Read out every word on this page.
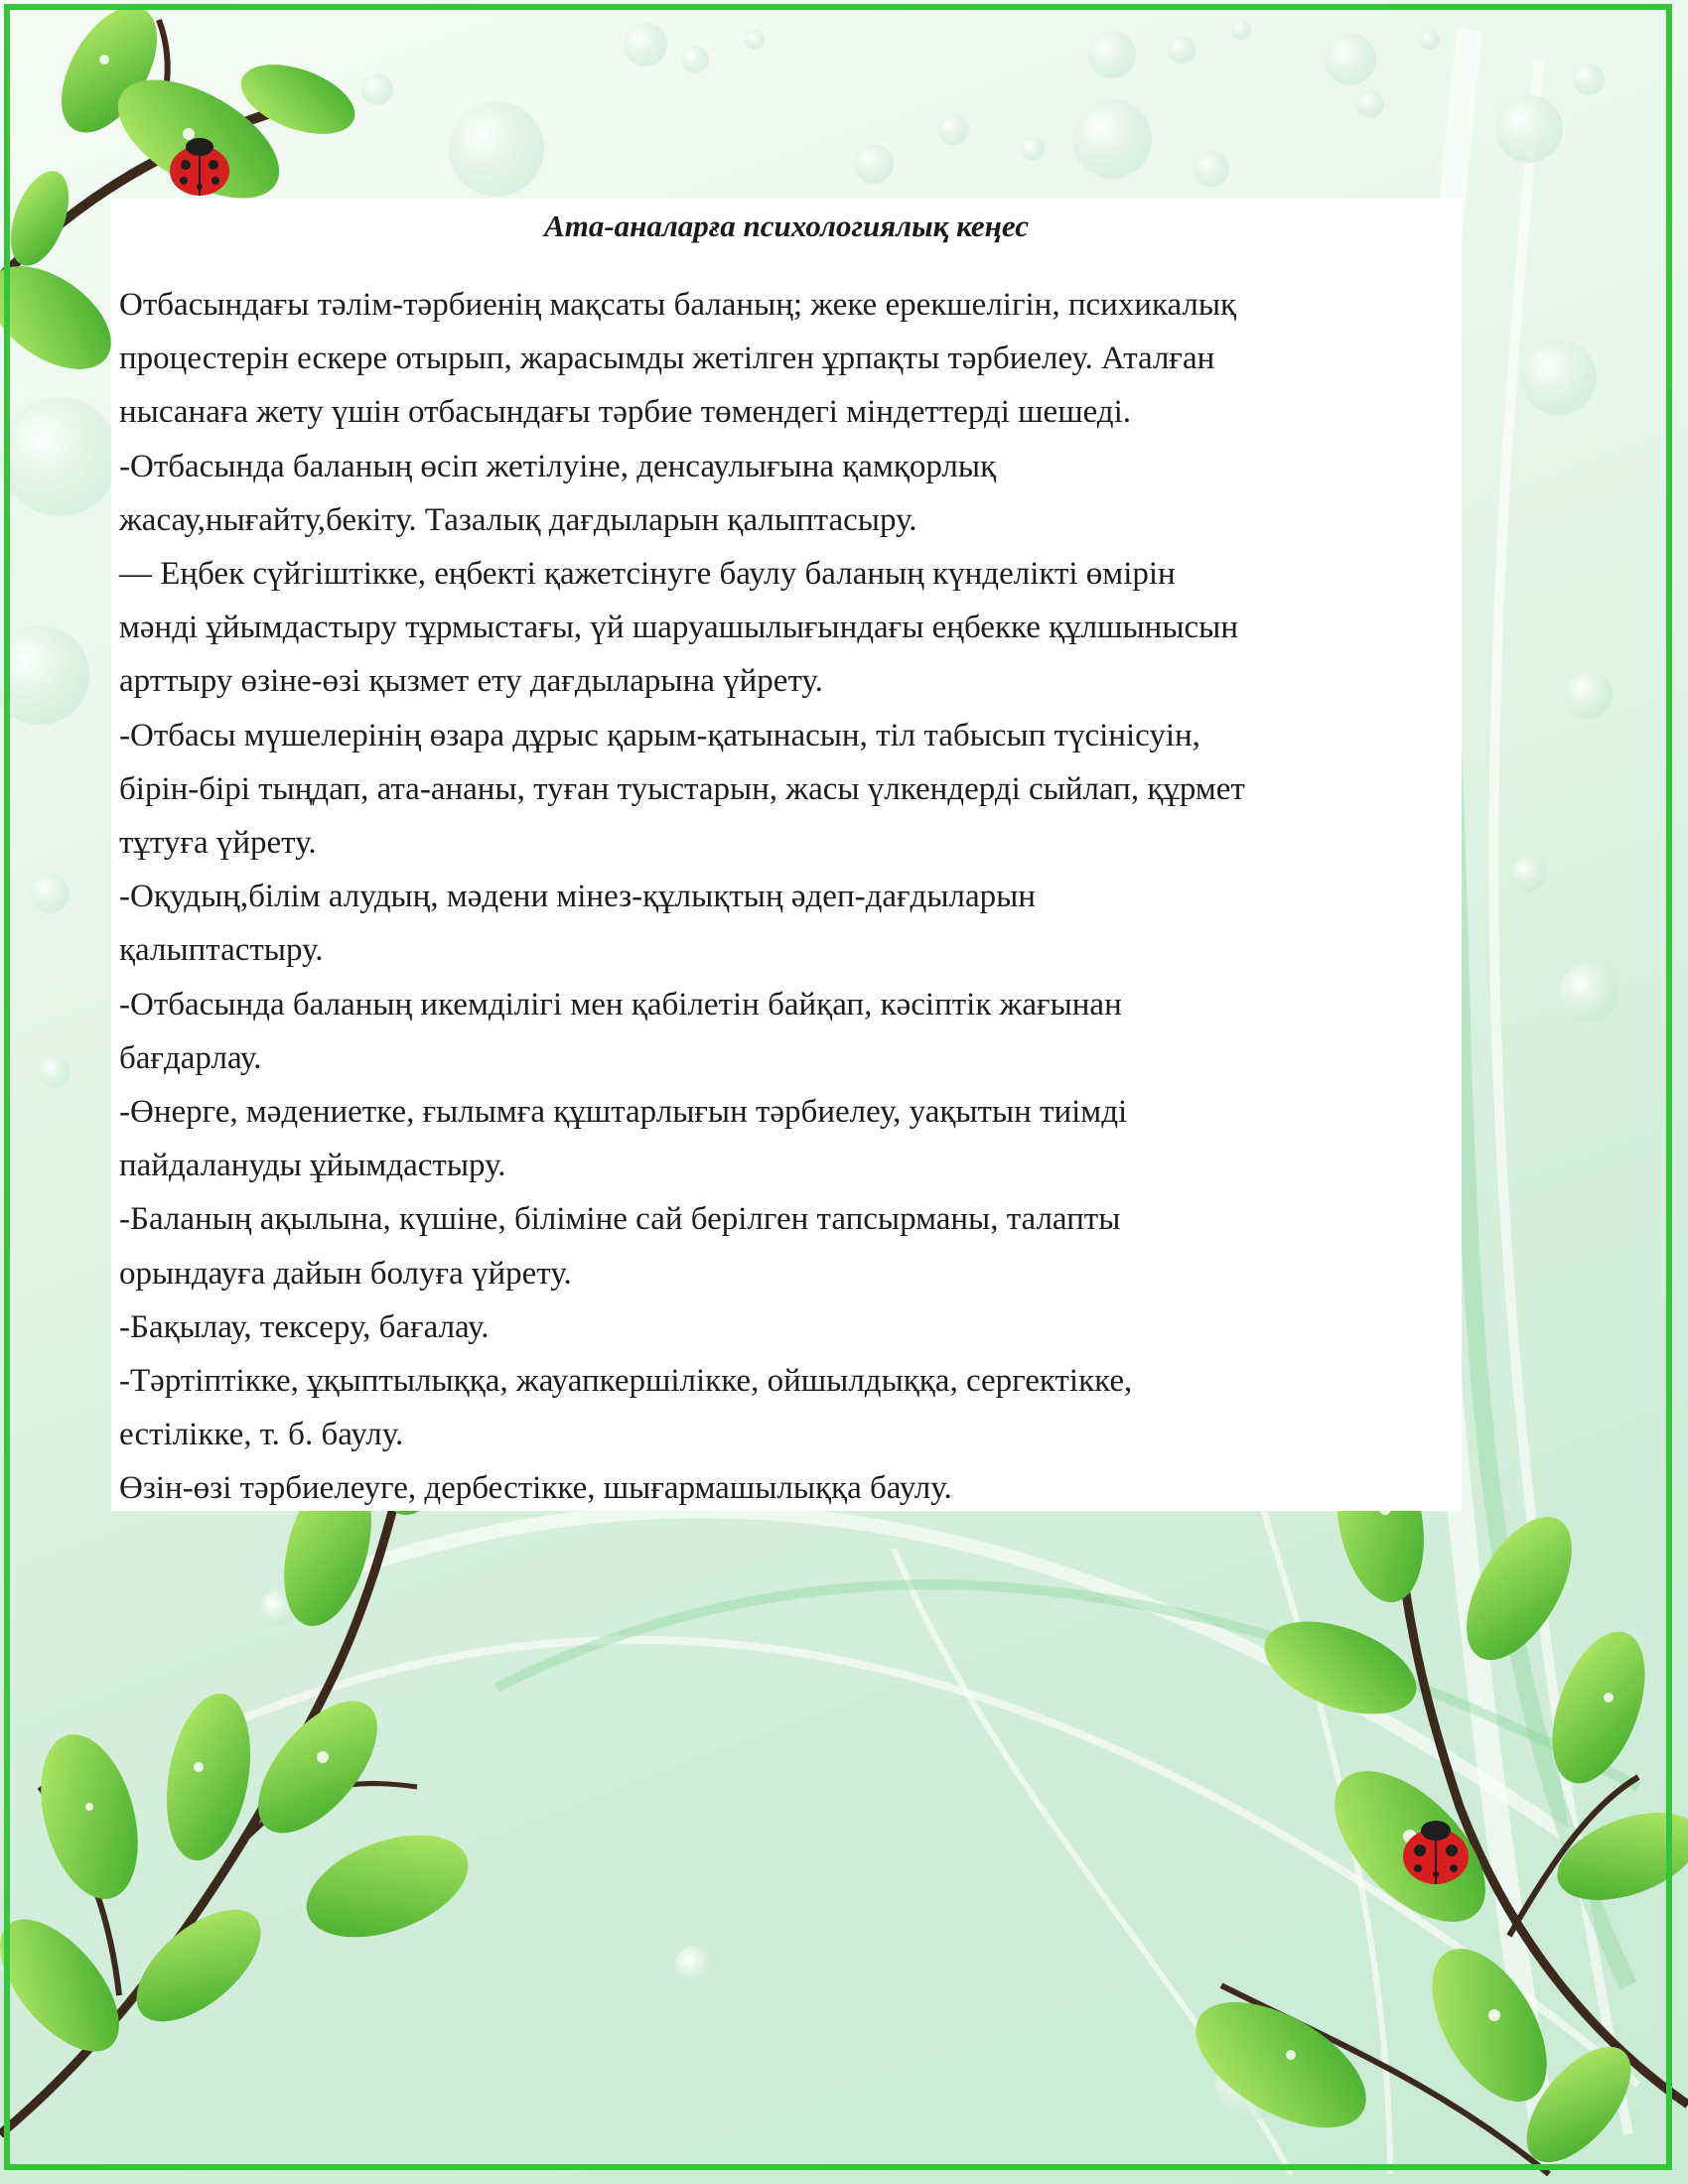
Ата-аналарға психологиялық кеңес
Отбасындағы тәлім-тәрбиенің мақсаты баланың; жеке ерекшелігін, психикалық
процестерін ескере отырып, жарасымды жетілген ұрпақты тәрбиелеу. Аталған
нысанаға жету үшін отбасындағы тәрбие төмендегі міндеттерді шешеді.
-Отбасында баланың өсіп жетілуіне, денсаулығына қамқорлық
жасау,нығайту,бекіту. Тазалық дағдыларын қалыптасыру.
— Еңбек сүйгіштікке, еңбекті қажетсінуге баулу баланың күнделікті өмірін
мәнді ұйымдастыру тұрмыстағы, үй шаруашылығындағы еңбекке құлшынысын
арттыру өзіне-өзі қызмет ету дағдыларына үйрету.
-Отбасы мүшелерінің өзара дұрыс қарым-қатынасын, тіл табысып түсінісуін,
бірін-бірі тыңдап, ата-ананы, туған туыстарын, жасы үлкендерді сыйлап, құрмет
тұтуға үйрету.
-Оқудың,білім алудың, мәдени мінез-құлықтың әдеп-дағдыларын
қалыптастыру.
-Отбасында баланың икемділігі мен қабілетін байқап, кәсіптік жағынан
бағдарлау.
-Өнерге, мәдениетке, ғылымға құштарлығын тәрбиелеу, уақытын тиімді
пайдалануды ұйымдастыру.
-Баланың ақылына, күшіне, біліміне сай берілген тапсырманы, талапты
орындауға дайын болуға үйрету.
-Бақылау, тексеру, бағалау.
-Тәртіптікке, ұқыптылыққа, жауапкершілікке, ойшылдыққа, сергектікке,
естілікке, т. б. баулу.
Өзін-өзі тәрбиелеуге, дербестікке, шығармашылыққа баулу.
